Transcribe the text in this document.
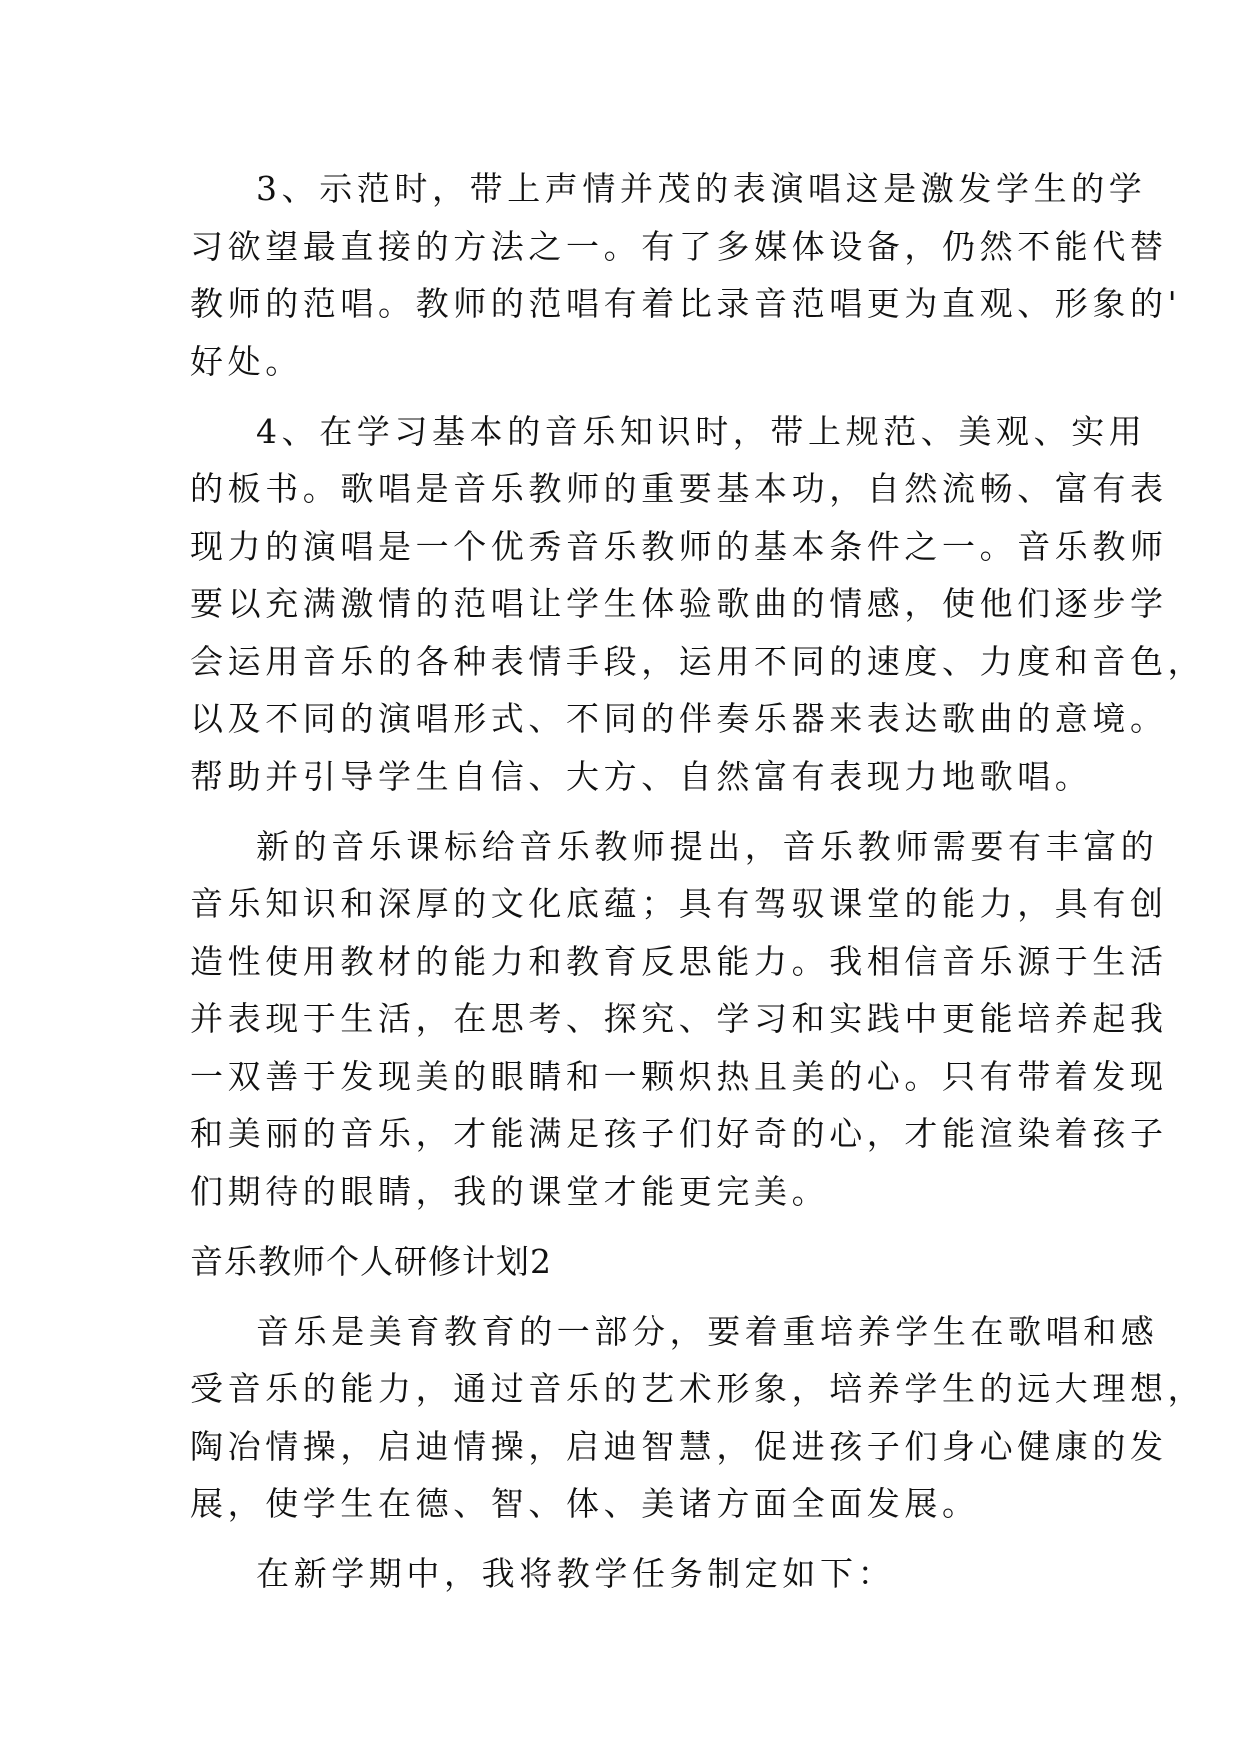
3、示范时，带上声情并茂的表演唱这是激发学生的学
习欲望最直接的方法之一。有了多媒体设备，仍然不能代替
教师的范唱。教师的范唱有着比录音范唱更为直观、形象的'
好处。

4、在学习基本的音乐知识时，带上规范、美观、实用
的板书。歌唱是音乐教师的重要基本功，自然流畅、富有表
现力的演唱是一个优秀音乐教师的基本条件之一。音乐教师
要以充满激情的范唱让学生体验歌曲的情感，使他们逐步学
会运用音乐的各种表情手段，运用不同的速度、力度和音色，
以及不同的演唱形式、不同的伴奏乐器来表达歌曲的意境。
帮助并引导学生自信、大方、自然富有表现力地歌唱。

新的音乐课标给音乐教师提出，音乐教师需要有丰富的
音乐知识和深厚的文化底蕴；具有驾驭课堂的能力，具有创
造性使用教材的能力和教育反思能力。我相信音乐源于生活
并表现于生活，在思考、探究、学习和实践中更能培养起我
一双善于发现美的眼睛和一颗炽热且美的心。只有带着发现
和美丽的音乐，才能满足孩子们好奇的心，才能渲染着孩子
们期待的眼睛，我的课堂才能更完美。

音乐教师个人研修计划2

音乐是美育教育的一部分，要着重培养学生在歌唱和感
受音乐的能力，通过音乐的艺术形象，培养学生的远大理想，
陶冶情操，启迪情操，启迪智慧，促进孩子们身心健康的发
展，使学生在德、智、体、美诸方面全面发展。

在新学期中，我将教学任务制定如下：
